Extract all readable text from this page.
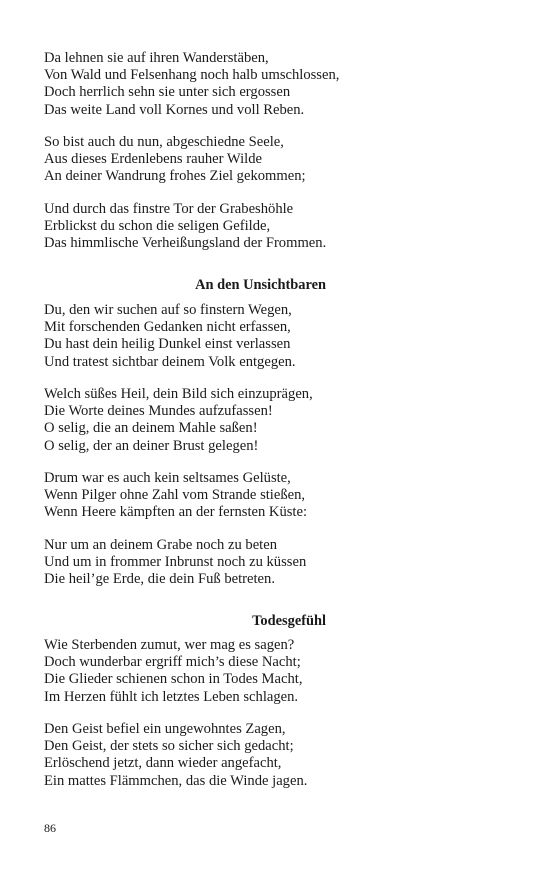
Da lehnen sie auf ihren Wanderstäben,
Von Wald und Felsenhang noch halb umschlossen,
Doch herrlich sehn sie unter sich ergossen
Das weite Land voll Kornes und voll Reben.
So bist auch du nun, abgeschiedne Seele,
Aus dieses Erdenlebens rauher Wilde
An deiner Wandrung frohes Ziel gekommen;
Und durch das finstre Tor der Grabeshöhle
Erblickst du schon die seligen Gefilde,
Das himmlische Verheißungsland der Frommen.
An den Unsichtbaren
Du, den wir suchen auf so finstern Wegen,
Mit forschenden Gedanken nicht erfassen,
Du hast dein heilig Dunkel einst verlassen
Und tratest sichtbar deinem Volk entgegen.
Welch süßes Heil, dein Bild sich einzuprägen,
Die Worte deines Mundes aufzufassen!
O selig, die an deinem Mahle saßen!
O selig, der an deiner Brust gelegen!
Drum war es auch kein seltsames Gelüste,
Wenn Pilger ohne Zahl vom Strande stießen,
Wenn Heere kämpften an der fernsten Küste:
Nur um an deinem Grabe noch zu beten
Und um in frommer Inbrunst noch zu küssen
Die heil’ge Erde, die dein Fuß betreten.
Todesgefühl
Wie Sterbenden zumut, wer mag es sagen?
Doch wunderbar ergriff mich’s diese Nacht;
Die Glieder schienen schon in Todes Macht,
Im Herzen fühlt ich letztes Leben schlagen.
Den Geist befiel ein ungewohntes Zagen,
Den Geist, der stets so sicher sich gedacht;
Erlöschend jetzt, dann wieder angefacht,
Ein mattes Flämmchen, das die Winde jagen.
86
